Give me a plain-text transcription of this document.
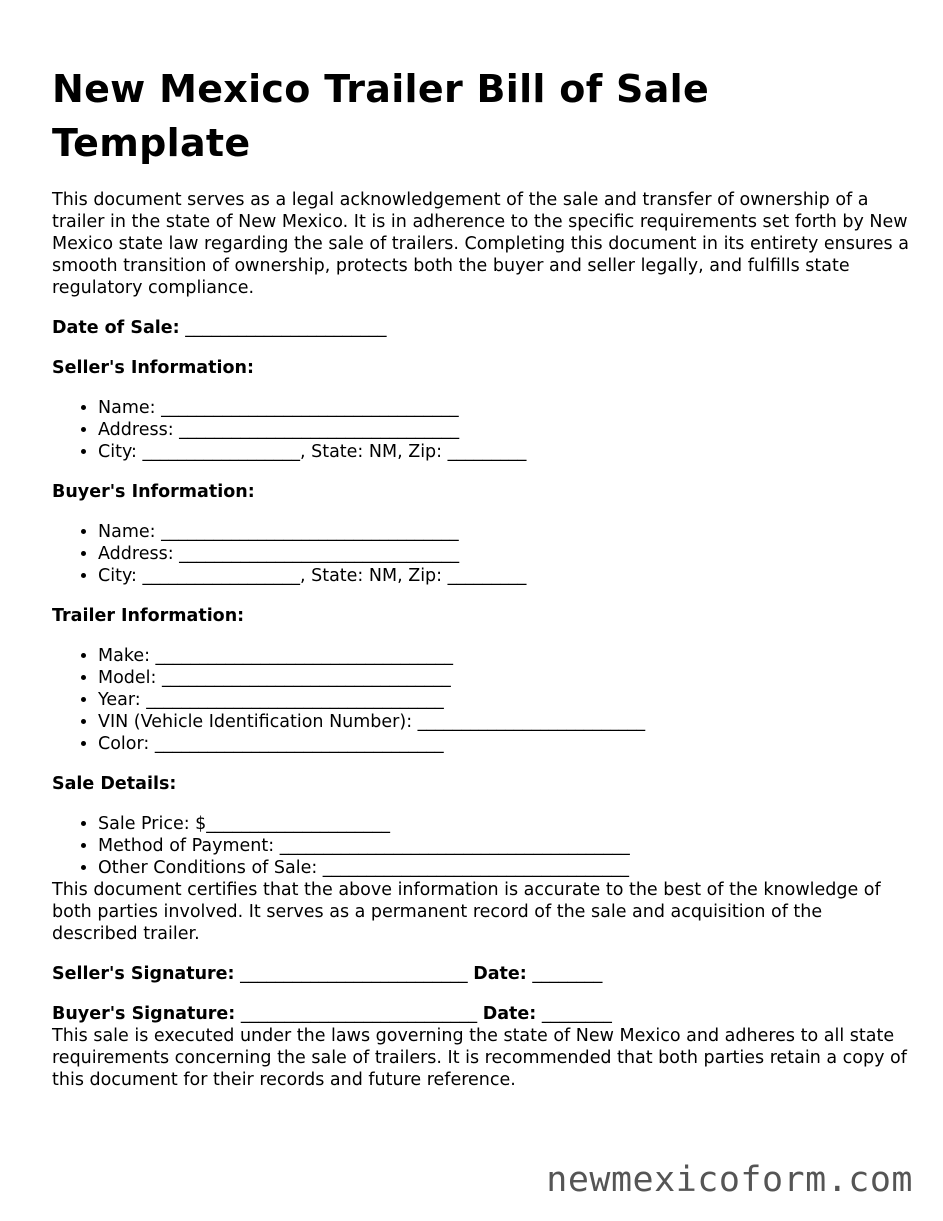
New Mexico Trailer Bill of Sale Template

This document serves as a legal acknowledgement of the sale and transfer of ownership of a trailer in the state of New Mexico. It is in adherence to the specific requirements set forth by New Mexico state law regarding the sale of trailers. Completing this document in its entirety ensures a smooth transition of ownership, protects both the buyer and seller legally, and fulfills state regulatory compliance.

Date of Sale: _______________________

Seller's Information:

• Name: __________________________________
• Address: ________________________________
• City: __________________, State: NM, Zip: _________

Buyer's Information:

• Name: __________________________________
• Address: ________________________________
• City: __________________, State: NM, Zip: _________

Trailer Information:

• Make: __________________________________
• Model: _________________________________
• Year: __________________________________
• VIN (Vehicle Identification Number): __________________________
• Color: _________________________________

Sale Details:

• Sale Price: $_____________________
• Method of Payment: ________________________________________
• Other Conditions of Sale: ___________________________________

This document certifies that the above information is accurate to the best of the knowledge of both parties involved. It serves as a permanent record of the sale and acquisition of the described trailer.

Seller's Signature: __________________________ Date: ________

Buyer's Signature: ___________________________ Date: ________

This sale is executed under the laws governing the state of New Mexico and adheres to all state requirements concerning the sale of trailers. It is recommended that both parties retain a copy of this document for their records and future reference.

newmexicoform.com
